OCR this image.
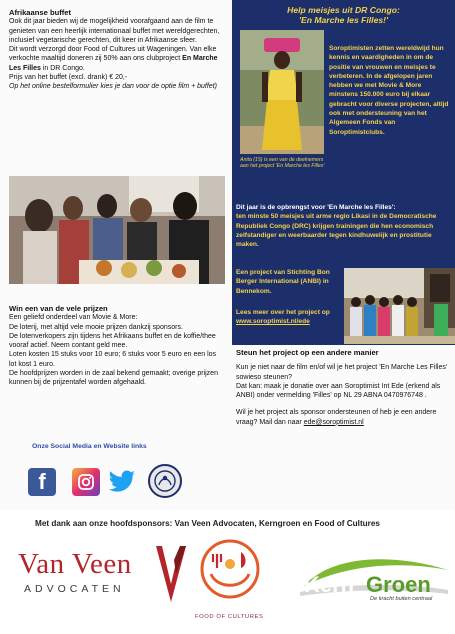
Afrikaanse buffet
Ook dit jaar bieden wij de mogelijkheid voorafgaand aan de film te genieten van een heerlijk internationaal buffet met wereldgerechten, inclusief vegetarische gerechten, dit keer in Afrikaanse sfeer.
Dit wordt verzorgd door Food of Cultures uit Wageningen. Van elke verkochte maaltijd doneren zij 50% aan ons clubproject En Marche Les Filles in DR Congo.
Prijs van het buffet (excl. drank) € 20,-
Op het online bestelformulier kies je dan voor de optie film + buffet)
Win een van de vele prijzen
Een geliefd onderdeel van Movie & More:
De loterij, met altijd vele mooie prijzen dankzij sponsors.
De lotenverkopers zijn tijdens het Afrikaans buffet en de koffie/thee vooraf actief. Neem contant geld mee.
Loten kosten 15 stuks voor 10 euro; 6 stuks voor 5 euro en een los lot kost 1 euro.
De hoofdprijzen worden in de zaal bekend gemaakt; overige prijzen kunnen bij de prijzentafel worden afgehaald.
Onze Social Media en Website links
f
Help meisjes uit DR Congo:
'En Marche les Filles!'
Anita (15) is een van de deelnemers aan het project 'En Marche les Filles'
Soroptimisten zetten wereldwijd hun kennis en vaardigheden in om de positie van vrouwen en meisjes te verbeteren. In de afgelopen jaren hebben we met Movie & More minstens 150.000 euro bij elkaar gebracht voor diverse projecten, altijd ook met ondersteuning van het Algemeen Fonds van Soroptimistclubs.
Dit jaar is de opbrengst voor 'En Marche les Filles':
ten minste 50 meisjes uit arme regio Likasi in de Democratische Republiek Congo (DRC) krijgen trainingen die hen economisch zelfstandiger en weerbaarder tegen kindhuwelijk en prostitutie maken.
Een project van Stichting Bon Berger International (ANBI) in Bennekom.
Lees meer over het project op
www.soroptimist.nl/ede
Steun het project op een andere manier
Kun je niet naar de film en/of wil je het project 'En Marche Les Filles' sowieso steunen?
Dat kan: maak je donatie over aan Soroptimist Int Ede (erkend als ANBI) onder vermelding 'Filles' op NL 29 ABNA 0470976748 .
Wil je het project als sponsor ondersteunen of heb je een andere vraag? Mail dan naar ede@soroptimist.nl
Met dank aan onze hoofdsponsors: Van Veen Advocaten, Kerngroen en Food of Cultures
Van Veen
ADVOCATEN
FOOD OF CULTURES
Kern Groen
De kracht buiten centraal
